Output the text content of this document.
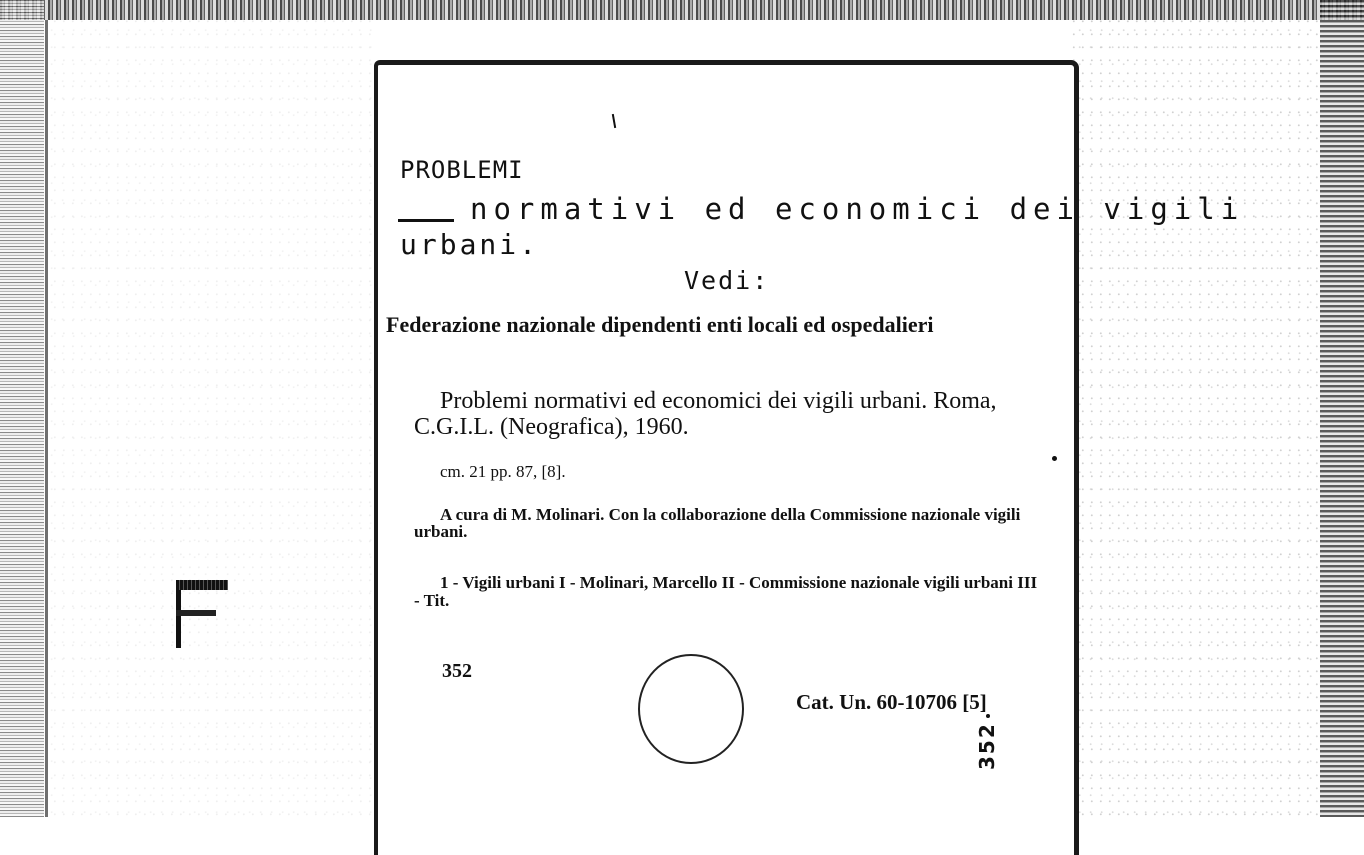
PROBLEMI
normativi ed economici dei vigili
urbani.
Vedi:
Federazione nazionale dipendenti enti locali ed ospedalieri
Problemi normativi ed economici dei vigili urbani. Roma, C.G.I.L. (Neografica), 1960.
cm. 21 pp. 87, [8].
A cura di M. Molinari. Con la collaborazione della Commissione nazionale vigili urbani.
1 - Vigili urbani I - Molinari, Marcello II - Commissione nazionale vigili urbani III - Tit.
352
Cat. Un. 60-10706 [5]
352
